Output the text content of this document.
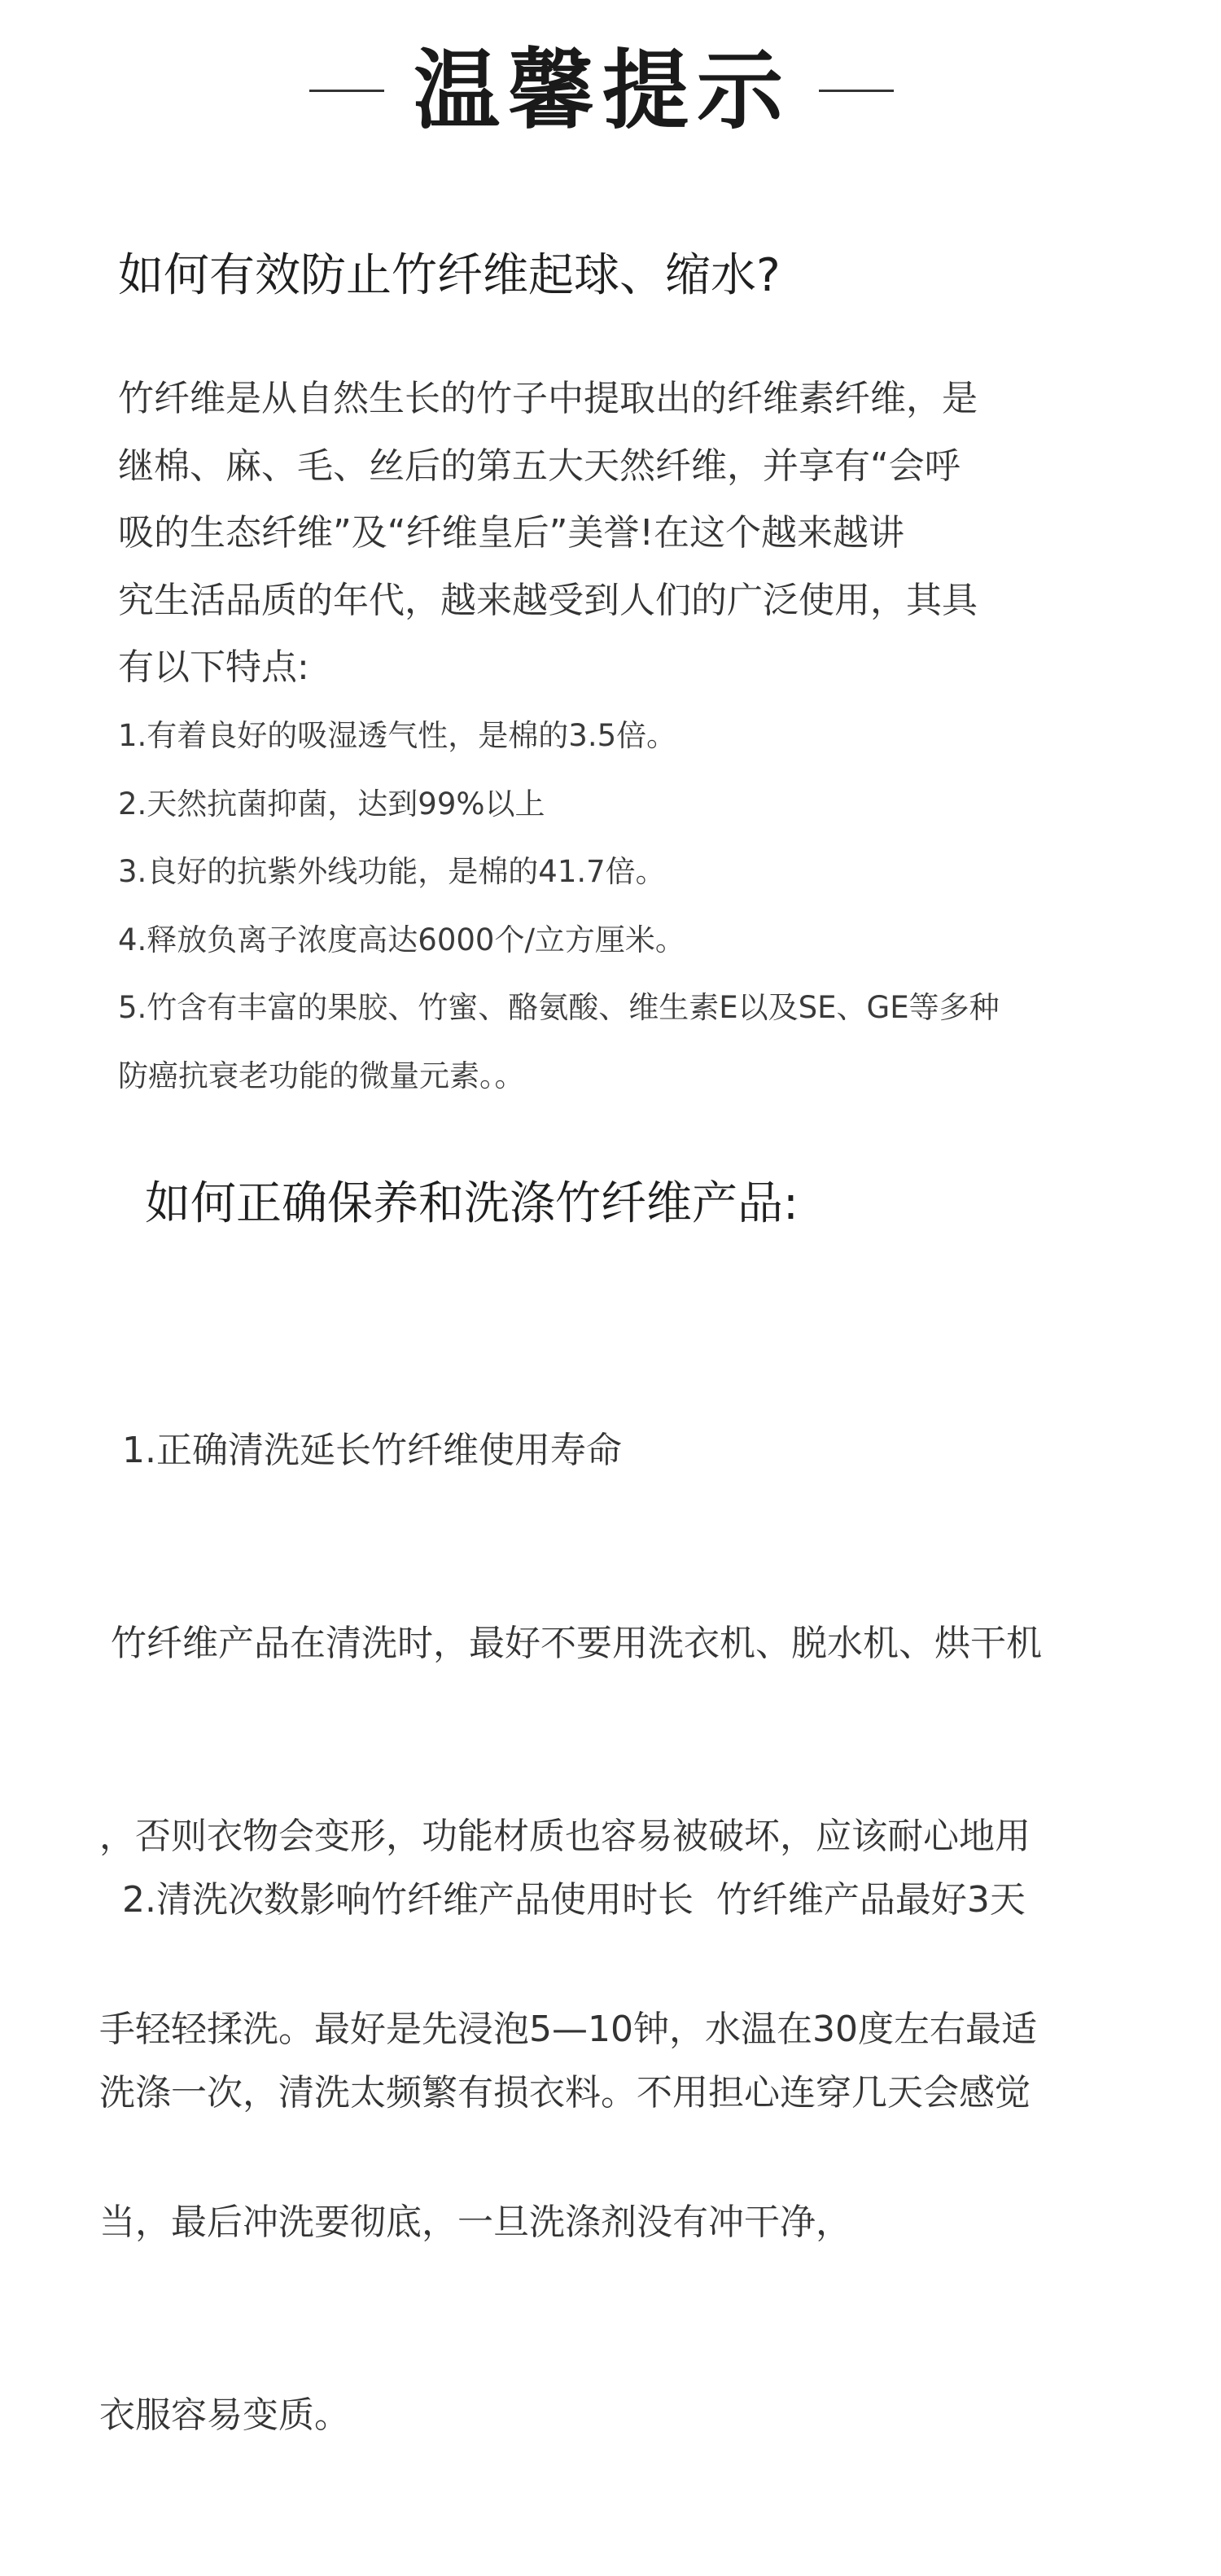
温馨提示
如何有效防止竹纤维起球、缩水?
竹纤维是从自然生长的竹子中提取出的纤维素纤维，是
继棉、麻、毛、丝后的第五大天然纤维，并享有“会呼
吸的生态纤维”及“纤维皇后”美誉!在这个越来越讲
究生活品质的年代，越来越受到人们的广泛使用，其具
有以下特点:
1.有着良好的吸湿透气性，是棉的3.5倍。
2.天然抗菌抑菌，达到99%以上
3.良好的抗紫外线功能，是棉的41.7倍。
4.释放负离子浓度高达6000个/立方厘米。
5.竹含有丰富的果胶、竹蜜、酪氨酸、维生素E以及SE、GE等多种
防癌抗衰老功能的微量元素。。
如何正确保养和洗涤竹纤维产品:

1.正确清洗延长竹纤维使用寿命

竹纤维产品在清洗时，最好不要用洗衣机、脱水机、烘干机

，否则衣物会变形，功能材质也容易被破坏，应该耐心地用

手轻轻揉洗。最好是先浸泡5—10钟，水温在30度左右最适

当，最后冲洗要彻底，一旦洗涤剂没有冲干净，

衣服容易变质。

2.清洗次数影响竹纤维产品使用时长  竹纤维产品最好3天

洗涤一次，清洗太频繁有损衣料。不用担心连穿几天会感觉
